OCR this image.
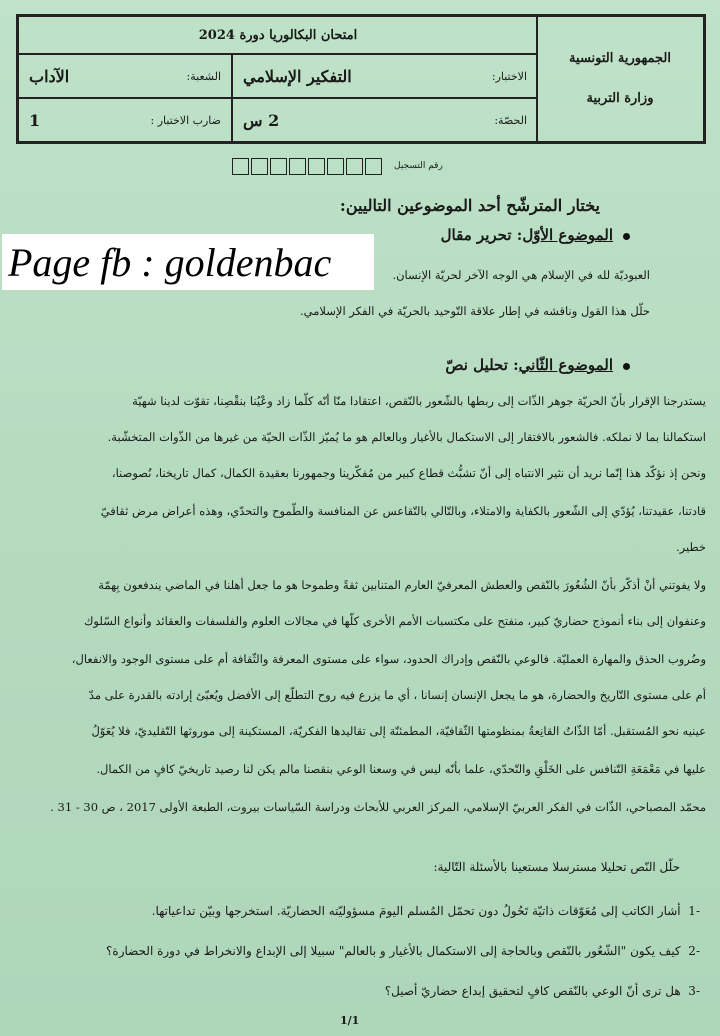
الجمهورية التونسية
وزارة التربية
امتحان البكالوريا دورة 2024
الاختبار:
التفكير الإسلامي
الشعبة:
الآداب
الحصّة:
2 س
ضارب الاختبار :
1
رقم التسجيل
يختار المترشّح أحد الموضوعين التاليين:
Page fb : goldenbac
الموضوع الأوّل: تحرير مقال
العبوديّة لله في الإسلام هي الوجه الآخر لحريّة الإنسان.
حلّل هذا القول وناقشه في إطار علاقة التّوحيد بالحريّة في الفكر الإسلامي.
الموضوع الثّاني: تحليل نصّ
يستدرجنا الإقرار بأنّ الحريّة جوهر الذّات إلى ربطها بالشّعور بالنّقص، اعتقادا منّا أنّه كلّما زاد وعْيُنا بنقْصِنا، تقوّت لدينا شهيّة
استكمالنا بما لا نملكه. فالشعور بالافتقار إلى الاستكمال بالأغيار وبالعالم هو ما يُميّز الذّات الحيّة من غيرها من الذّوات المتخشّبة.
ونحن إذ نؤكّد هذا إنّما نريد أن نثير الانتباه إلى أنّ تشبُّث قطاع كبير من مُفكّرينا وجمهورنا بعقيدة الكمال، كمال تاريخنا، نُصوصنا،
قادتنا، عقيدتنا، يُؤدّي إلى الشّعور بالكفاية والامتلاء، وبالتّالي بالتّقاعس عن المنافسة والطّموح والتحدّي، وهذه أعراض مرض ثقافيّ
خطير.
ولا يفوتني أنْ أذكّر بأنّ الشُعُورَ بالنّقص والعطش المعرفيّ العارم المتنابين ثقةً وطموحا هو ما جعل أهلنا في الماضي يندفعون بِهمّة
وعنفوان إلى بناء أنموذج حضاريّ كبير، منفتح على مكتسبات الأمم الأخرى كلّها في مجالات العلوم والفلسفات والعقائد وأنواع السّلوك
وضُروب الحذق والمهارة العمليّة. فالوعي بالنّقص وإدراك الحدود، سواء على مستوى المعرفة والثّقافة أم على مستوى الوجود والانفعال،
أم على مستوى التّاريخ والحضارة، هو ما يجعل الإنسان إنسانا ، أي ما يزرع فيه روح التطلّع إلى الأفضل ويُعبّئ إرادته بالقدرة على مدّ
عينيه نحو المُستقبل. أمّا الذّاتُ القانِعةُ بمنظومتها الثّقافيّة، المطمئنّة إلى تقاليدها الفكريّة، المستكينة إلى موروثها التّقليديّ، فلا يُعَوّلُ
عليها في مَعْمَعَةِ التّنافس على الخَلْقِ والتّحدّي، علما بأنّه ليس في وسعنا الوعي بنقصنا مالم يكن لنا رصيد تاريخيّ كافٍ من الكمال.
محمّد المصباحي، الذّات في الفكر العربيّ الإسلامي، المركز العربي للأبحاث ودراسة السّياسات بيروت، الطبعة الأولى 2017 ، ص 30 - 31 .
حلّل النّص تحليلا مسترسلا مستعينا بالأسئلة التّالية:
-1  أشار الكاتب إلى مُعَوّقات ذاتيّة تَحُولُ دون تحمّل المُسلم اليومَ مسؤوليّته الحضاريّة. استخرجها وبيّن تداعياتها.
-2  كيف يكون "الشّعُور بالنّقص وبالحاجة إلى الاستكمال بالأغيار و بالعالم" سبيلا إلى الإبداع والانخراط في دورة الحضارة؟
-3  هل ترى أنّ الوعي بالنّقص كافٍ لتحقيق إبداع حضاريّ أصيل؟
1/1
